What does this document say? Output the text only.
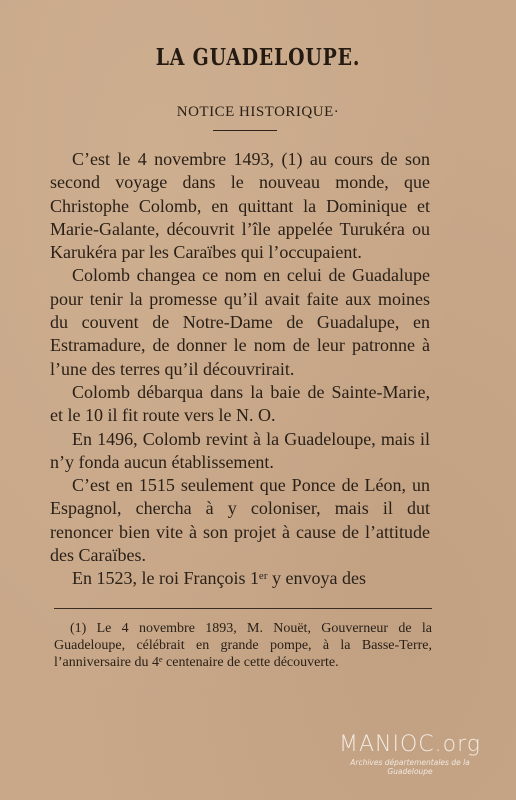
LA GUADELOUPE.
NOTICE HISTORIQUE·

C’est le 4 novembre 1493, (1) au cours de son second voyage dans le nouveau monde, que Christophe Colomb, en quittant la Dominique et Marie-Galante, découvrit l’île appelée Turukéra ou Karukéra par les Caraïbes qui l’occupaient.

Colomb changea ce nom en celui de Guadalupe pour tenir la promesse qu’il avait faite aux moines du couvent de Notre-Dame de Guadalupe, en Estramadure, de donner le nom de leur patronne à l’une des terres qu’il découvrirait.

Colomb débarqua dans la baie de Sainte-Marie, et le 10 il fit route vers le N. O.

En 1496, Colomb revint à la Guadeloupe, mais il n’y fonda aucun établissement.

C’est en 1515 seulement que Ponce de Léon, un Espagnol, chercha à y coloniser, mais il dut renoncer bien vite à son projet à cause de l’attitude des Caraïbes.

En 1523, le roi François 1ᵉʳ y envoya des

(1) Le 4 novembre 1893, M. Nouët, Gouverneur de la Guadeloupe, célébrait en grande pompe, à la Basse-Terre, l’anniversaire du 4ᵉ centenaire de cette découverte.

MANIOC.org
Archives départementales de la Guadeloupe
